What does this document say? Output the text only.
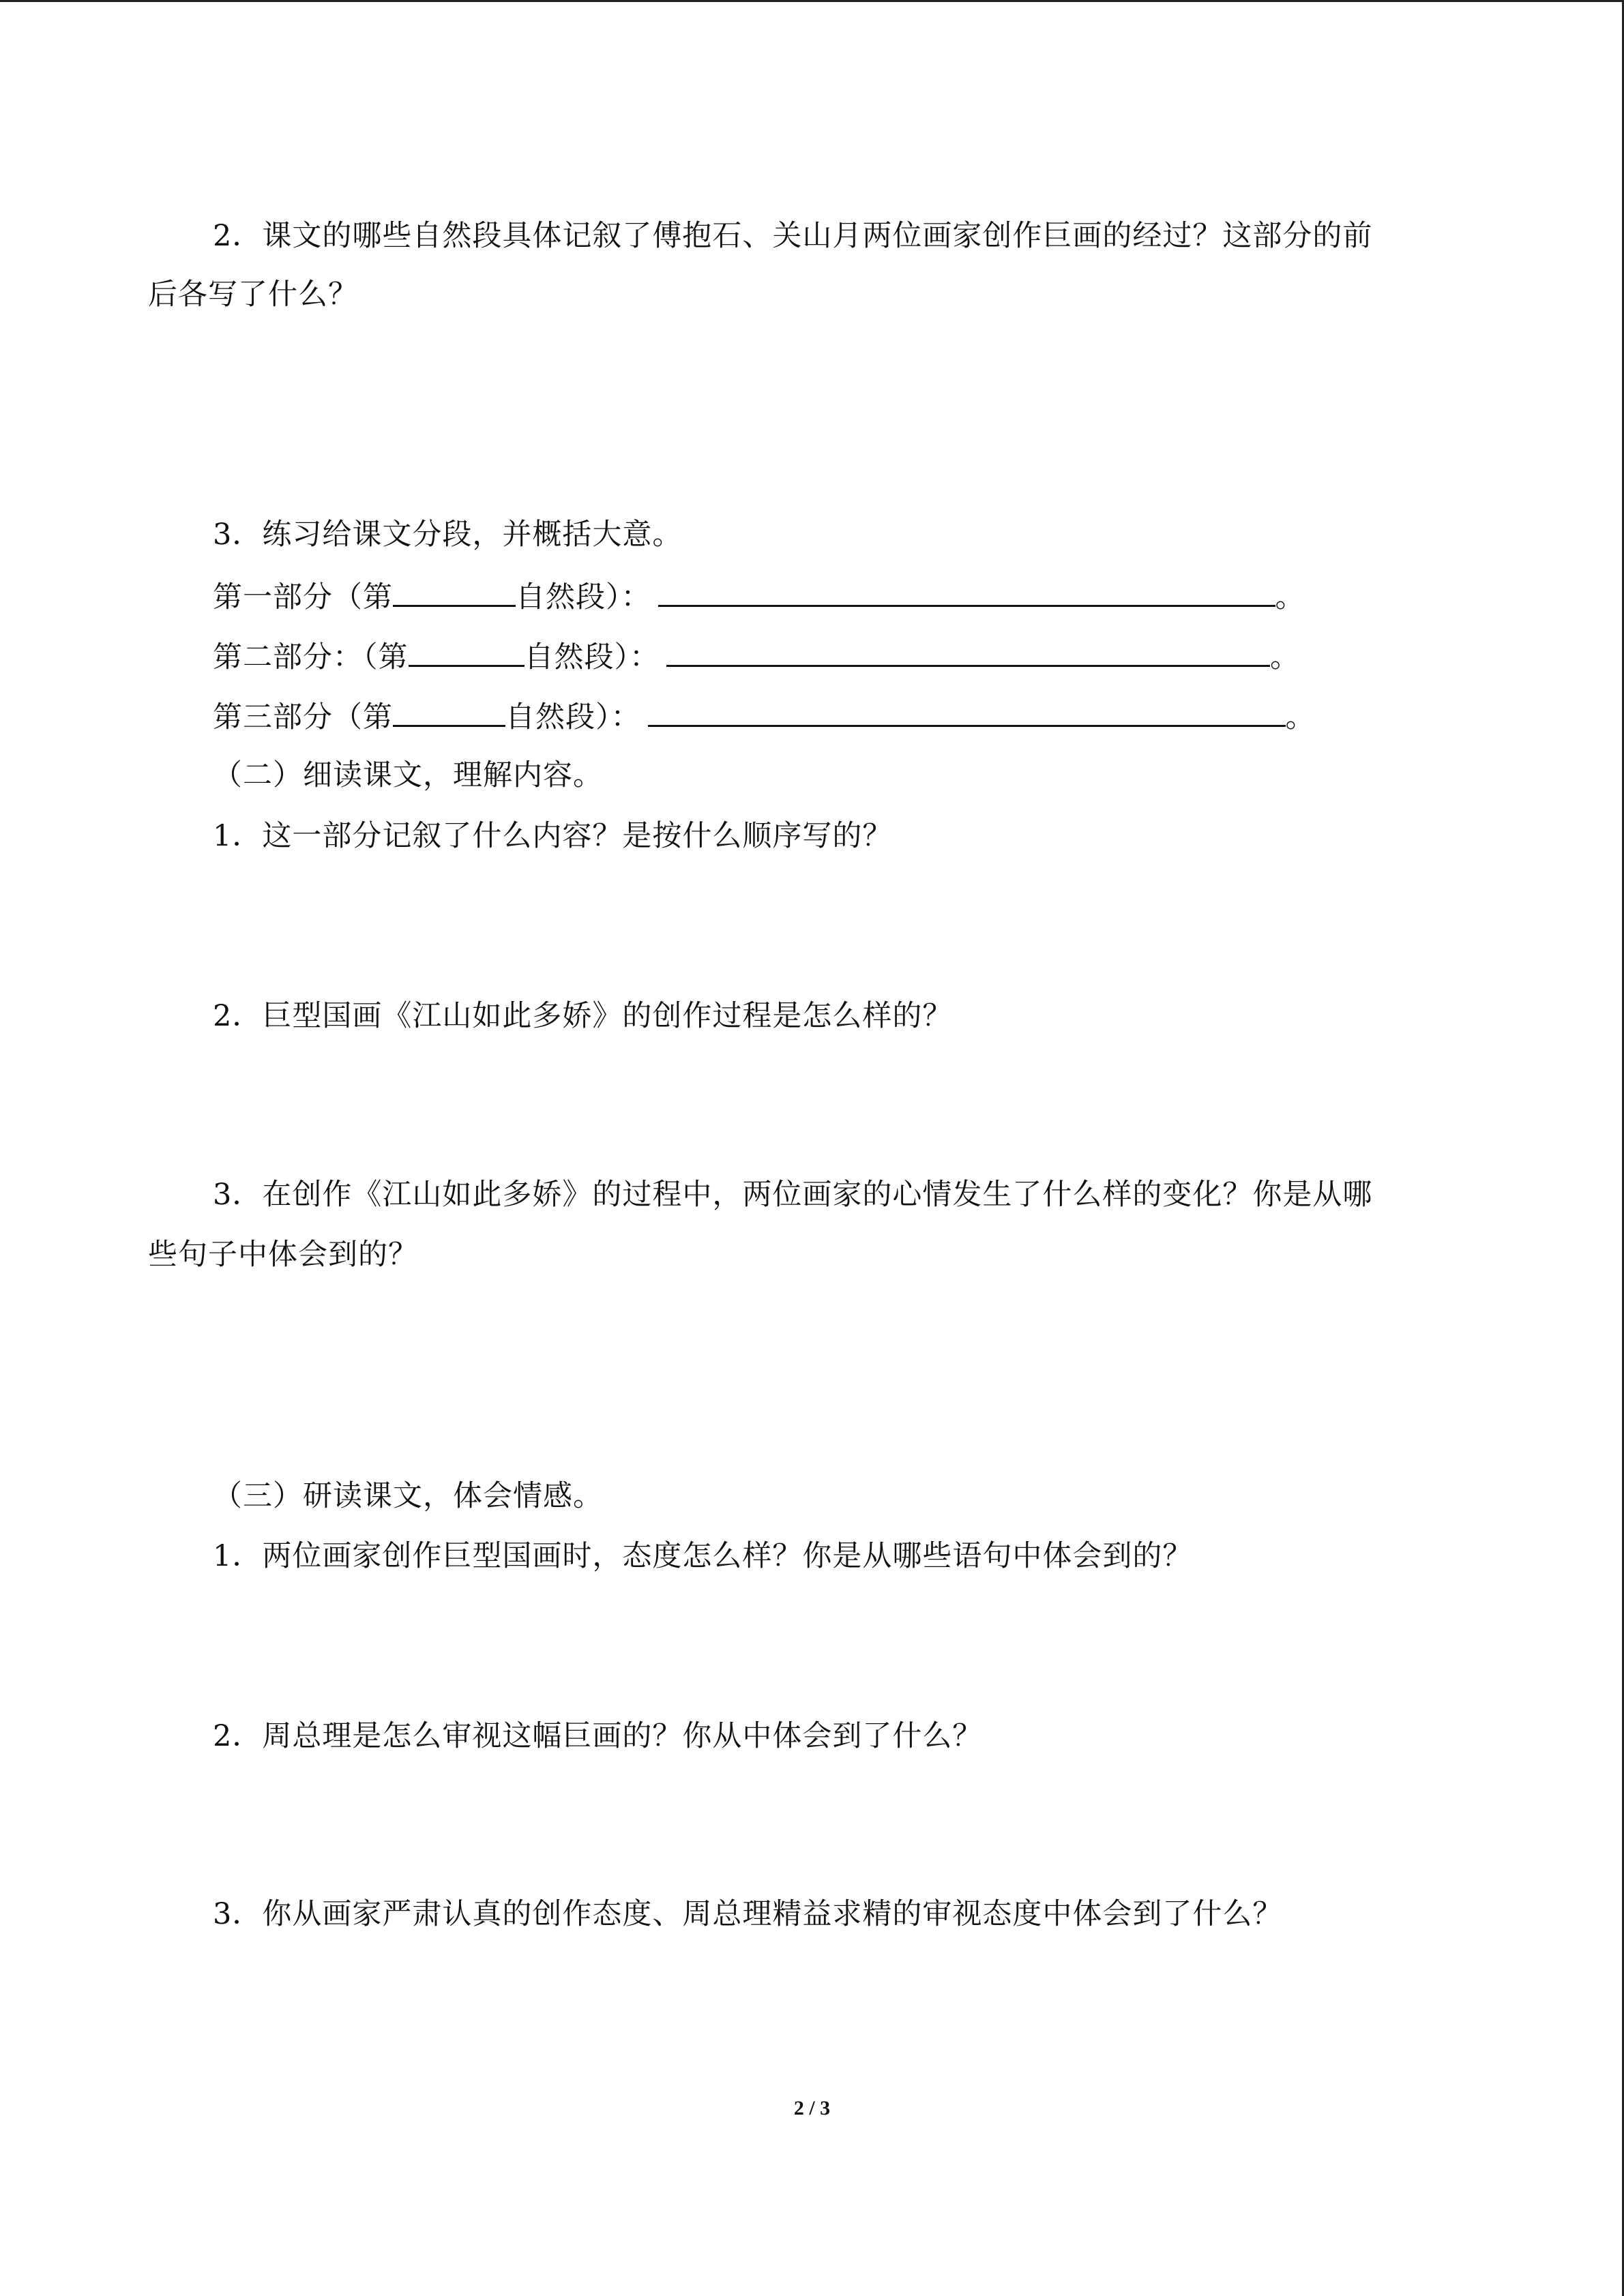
2．课文的哪些自然段具体记叙了傅抱石、关山月两位画家创作巨画的经过？这部分的前
后各写了什么？
3．练习给课文分段，并概括大意。
第一部分（第	自然段）：	。
第二部分：（第	自然段）：	。
第三部分（第	自然段）：	。
（二）细读课文，理解内容。
1．这一部分记叙了什么内容？是按什么顺序写的？
2．巨型国画《江山如此多娇》的创作过程是怎么样的？
3．在创作《江山如此多娇》的过程中，两位画家的心情发生了什么样的变化？你是从哪
些句子中体会到的？
（三）研读课文，体会情感。
1．两位画家创作巨型国画时，态度怎么样？你是从哪些语句中体会到的？
2．周总理是怎么审视这幅巨画的？你从中体会到了什么？
3．你从画家严肃认真的创作态度、周总理精益求精的审视态度中体会到了什么？
2 / 3
